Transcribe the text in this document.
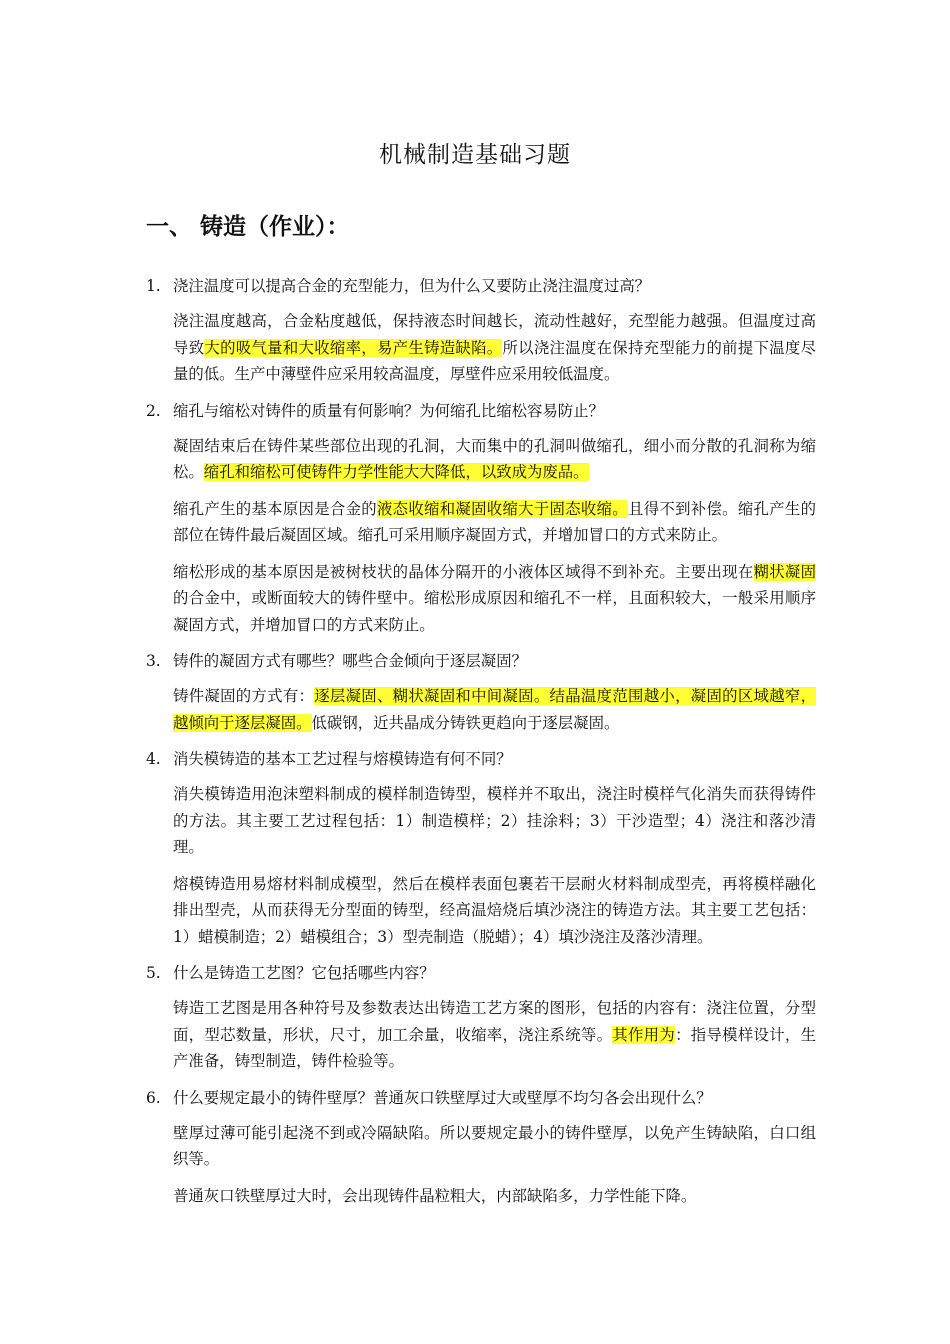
机械制造基础习题
一、 铸造（作业）：
1. 浇注温度可以提高合金的充型能力，但为什么又要防止浇注温度过高？
浇注温度越高，合金粘度越低，保持液态时间越长，流动性越好，充型能力越强。但温度过高导致大的吸气量和大收缩率，易产生铸造缺陷。所以浇注温度在保持充型能力的前提下温度尽量的低。生产中薄壁件应采用较高温度，厚壁件应采用较低温度。
2. 缩孔与缩松对铸件的质量有何影响？为何缩孔比缩松容易防止？
凝固结束后在铸件某些部位出现的孔洞，大而集中的孔洞叫做缩孔，细小而分散的孔洞称为缩松。缩孔和缩松可使铸件力学性能大大降低，以致成为废品。
缩孔产生的基本原因是合金的液态收缩和凝固收缩大于固态收缩。且得不到补偿。缩孔产生的部位在铸件最后凝固区域。缩孔可采用顺序凝固方式，并增加冒口的方式来防止。
缩松形成的基本原因是被树枝状的晶体分隔开的小液体区域得不到补充。主要出现在糊状凝固的合金中，或断面较大的铸件壁中。缩松形成原因和缩孔不一样，且面积较大，一般采用顺序凝固方式，并增加冒口的方式来防止。
3. 铸件的凝固方式有哪些？哪些合金倾向于逐层凝固？
铸件凝固的方式有：逐层凝固、糊状凝固和中间凝固。结晶温度范围越小，凝固的区域越窄，越倾向于逐层凝固。低碳钢，近共晶成分铸铁更趋向于逐层凝固。
4. 消失模铸造的基本工艺过程与熔模铸造有何不同？
消失模铸造用泡沫塑料制成的模样制造铸型，模样并不取出，浇注时模样气化消失而获得铸件的方法。其主要工艺过程包括：1）制造模样；2）挂涂料；3）干沙造型；4）浇注和落沙清理。
熔模铸造用易熔材料制成模型，然后在模样表面包裹若干层耐火材料制成型壳，再将模样融化排出型壳，从而获得无分型面的铸型，经高温焙烧后填沙浇注的铸造方法。其主要工艺包括：1）蜡模制造；2）蜡模组合；3）型壳制造（脱蜡）；4）填沙浇注及落沙清理。
5. 什么是铸造工艺图？它包括哪些内容？
铸造工艺图是用各种符号及参数表达出铸造工艺方案的图形，包括的内容有：浇注位置，分型面，型芯数量，形状，尺寸，加工余量，收缩率，浇注系统等。其作用为：指导模样设计，生产准备，铸型制造，铸件检验等。
6. 什么要规定最小的铸件壁厚？普通灰口铁壁厚过大或壁厚不均匀各会出现什么？
壁厚过薄可能引起浇不到或冷隔缺陷。所以要规定最小的铸件壁厚，以免产生铸缺陷，白口组织等。
普通灰口铁壁厚过大时，会出现铸件晶粒粗大，内部缺陷多，力学性能下降。
